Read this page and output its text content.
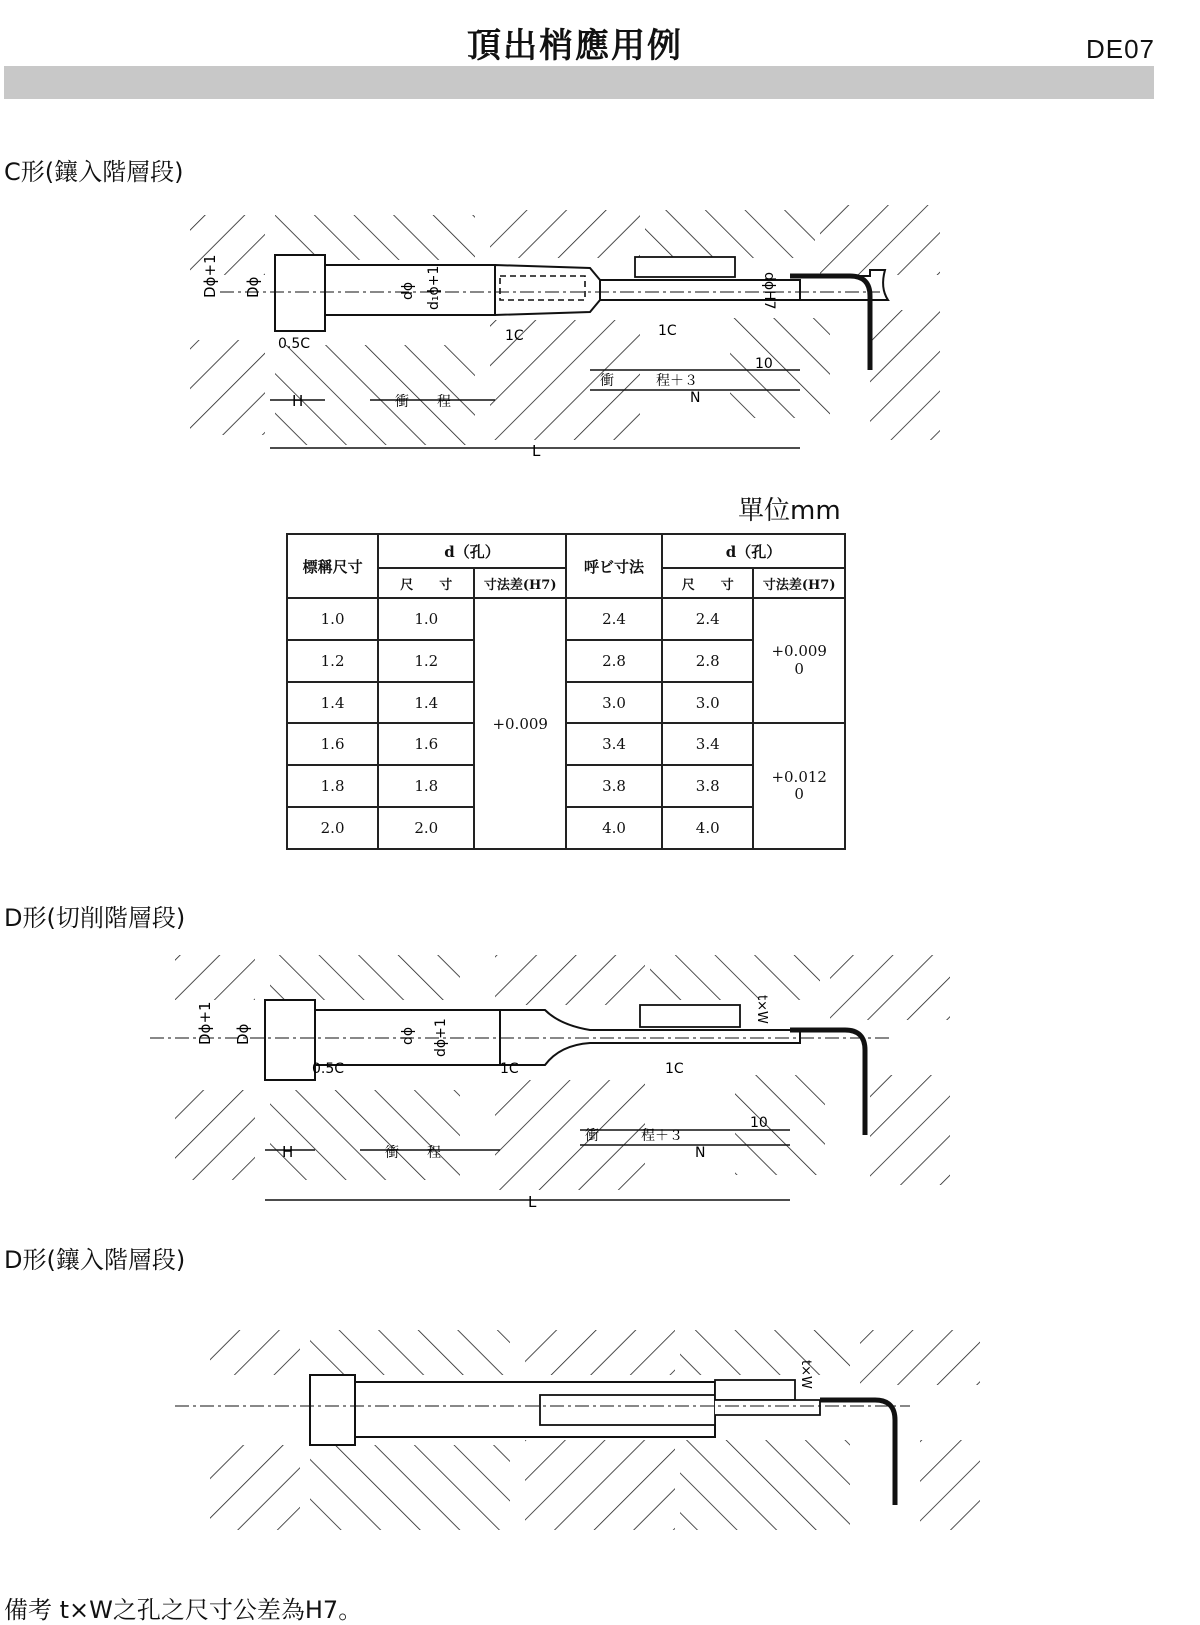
頂出梢應用例	DE07
C形(鑲入階層段)
Dϕ+1 Dϕ	dϕ d₁ϕ+1	dϕH7
0.5C	1C	1C
H	衝　　程
衝　　　程＋３
N
10
L
單位mm
標稱尺寸	d（孔）		呼ビ寸法	d（孔）	
	尺　　寸	寸法差(H7)		尺　　寸	寸法差(H7)
1.0	1.0	+0.009	2.4	2.4	+0.009
0
1.2	1.2		2.8	2.8	
1.4	1.4		3.0	3.0	
1.6	1.6		3.4	3.4	+0.012
0
1.8	1.8		3.8	3.8	
2.0	2.0		4.0	4.0	
D形(切削階層段)
Dϕ+1 Dϕ	dϕ dϕ+1
t×W
0.5C	1C	1C
H	衝　　程
衝　　　程＋３
N
10
L
D形(鑲入階層段)
t×W
備考 t×W之孔之尺寸公差為H7。
